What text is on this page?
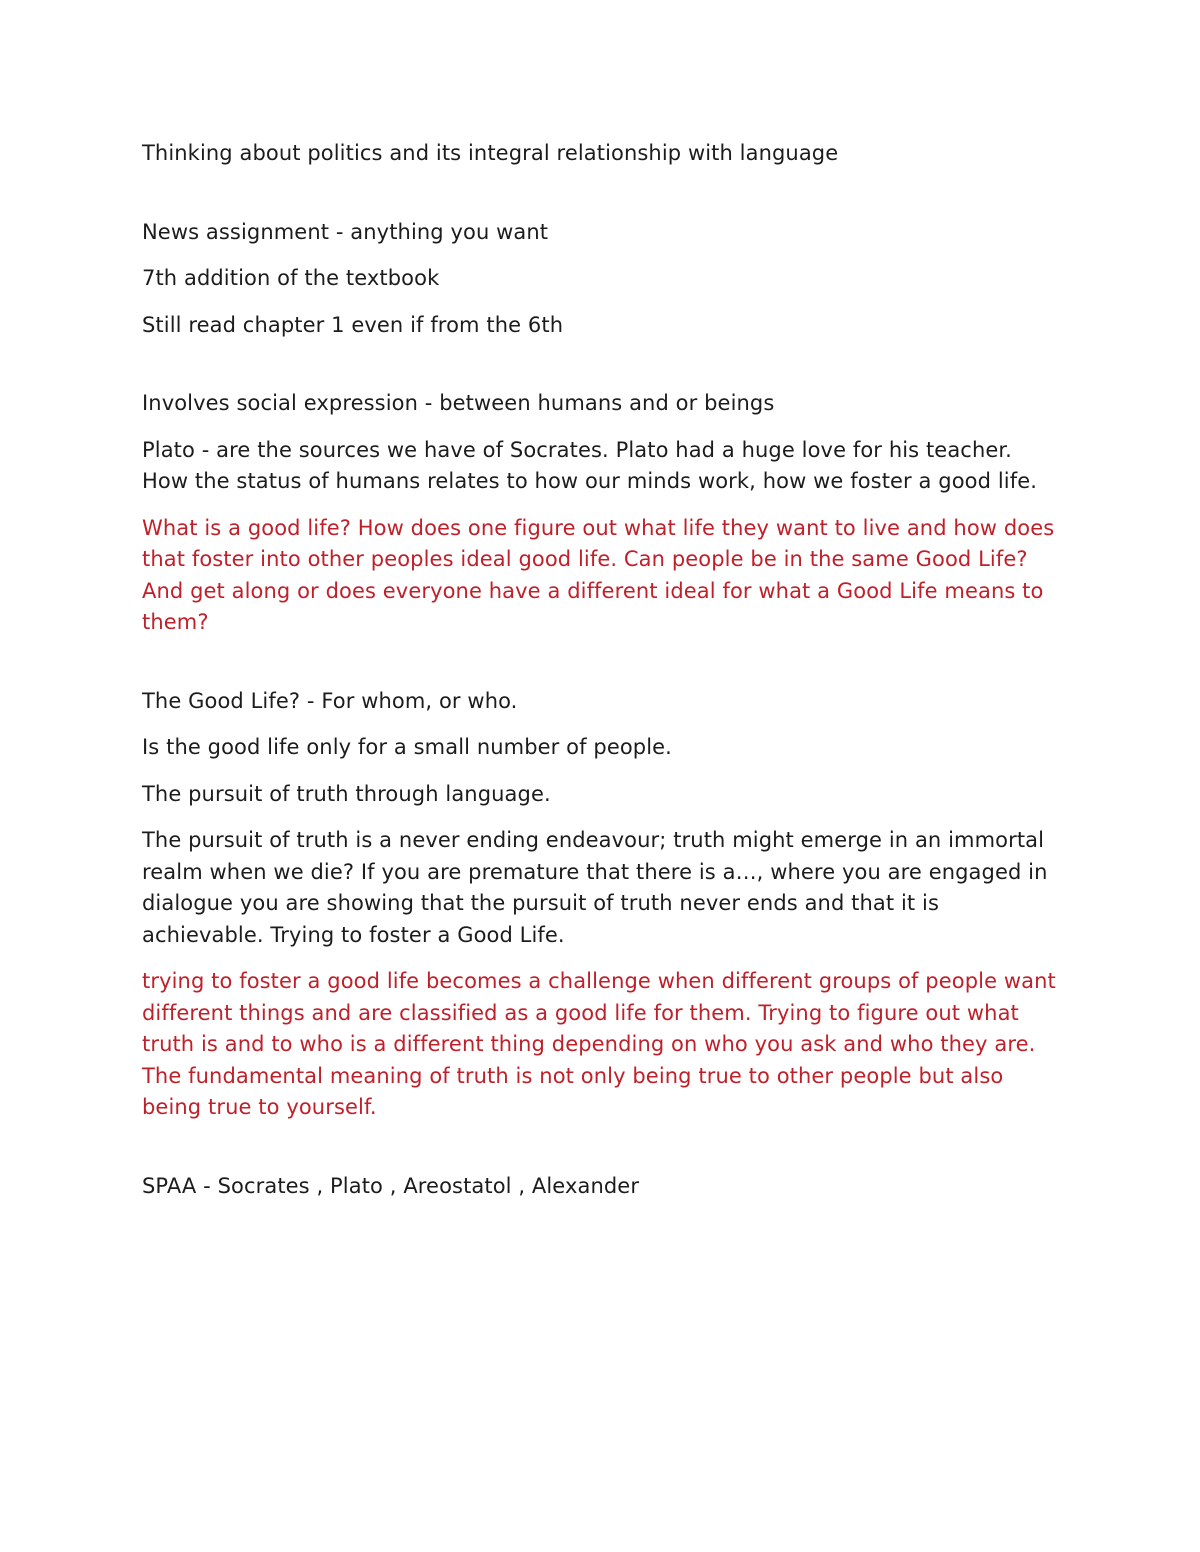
Thinking about politics and its integral relationship with language

News assignment - anything you want

7th addition of the textbook

Still read chapter 1 even if from the 6th

Involves social expression - between humans and or beings

Plato - are the sources we have of Socrates. Plato had a huge love for his teacher. How the status of humans relates to how our minds work, how we foster a good life.

What is a good life? How does one figure out what life they want to live and how does that foster into other peoples ideal good life. Can people be in the same Good Life? And get along or does everyone have a different ideal for what a Good Life means to them?

The Good Life? - For whom, or who.

Is the good life only for a small number of people.

The pursuit of truth through language.

The pursuit of truth is a never ending endeavour; truth might emerge in an immortal realm when we die? If you are premature that there is a…, where you are engaged in dialogue you are showing that the pursuit of truth never ends and that it is achievable. Trying to foster a Good Life.

trying to foster a good life becomes a challenge when different groups of people want different things and are classified as a good life for them. Trying to figure out what truth is and to who is a different thing depending on who you ask and who they are. The fundamental meaning of truth is not only being true to other people but also being true to yourself.

SPAA - Socrates , Plato , Areostatol , Alexander
